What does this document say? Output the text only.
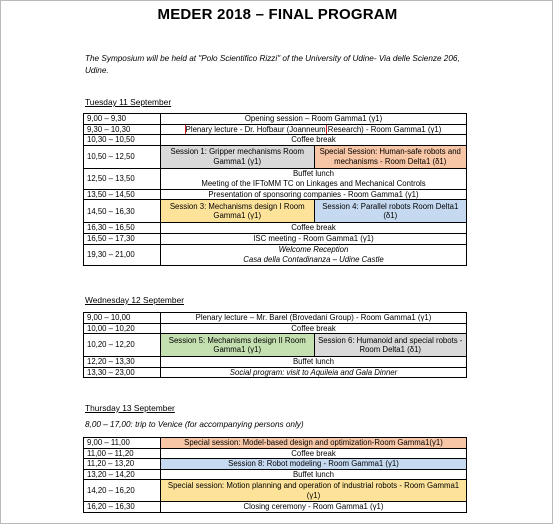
MEDER 2018 – FINAL PROGRAM
The Symposium will be held at "Polo Scientifico Rizzi" of the University of Udine- Via delle Scienze 206, Udine.
Tuesday 11 September
9,00 – 9,30	Opening session – Room Gamma1 (γ1)
9,30 – 10,30	Plenary lecture - Dr. Hofbaur (Joanneum Research) - Room Gamma1 (γ1)
10,30 – 10,50	Coffee break
10,50 – 12,50	Session 1: Gripper mechanisms Room Gamma1 (γ1)
Special Session: Human-safe robots and mechanisms - Room Delta1 (δ1)

12,50 – 13,50	Buffet lunch
Meeting of the IFToMM TC on Linkages and Mechanical Controls

13,50 – 14,50	Presentation of sponsoring companies - Room Gamma1 (γ1)
14,50 – 16,30	Session 3: Mechanisms design I Room Gamma1 (γ1)
Session 4: Parallel robots Room Delta1 (δ1)

16,30 – 16,50	Coffee break
16,50 – 17,30	ISC meeting - Room Gamma1 (γ1)
19,30 – 21,00	Welcome Reception
Casa della Contadinanza – Udine Castle
Wednesday 12 September
9,00 – 10,00	Plenary lecture – Mr. Barel (Brovedani Group) - Room Gamma1 (γ1)
10,00 – 10,20	Coffee break
10,20 – 12,20	Session 5: Mechanisms design II Room Gamma1 (γ1)
Session 6: Humanoid and special robots - Room Delta1 (δ1)

12,20 – 13,30	Buffet lunch
13,30 – 23,00	Social program: visit to Aquileia and Gala Dinner
Thursday 13 September
8,00 – 17,00: trip to Venice (for accompanying persons only)
9,00 – 11,00	Special session: Model-based design and optimization-Room Gamma1(γ1)
11,00 – 11,20	Coffee break
11,20 – 13,20	Session 8: Robot modeling - Room Gamma1 (γ1)
13,20 – 14,20	Buffet lunch
14,20 – 16,20	Special session: Motion planning and operation of industrial robots - Room Gamma1 (γ1)
16,20 – 16,30	Closing ceremony - Room Gamma1 (γ1)
